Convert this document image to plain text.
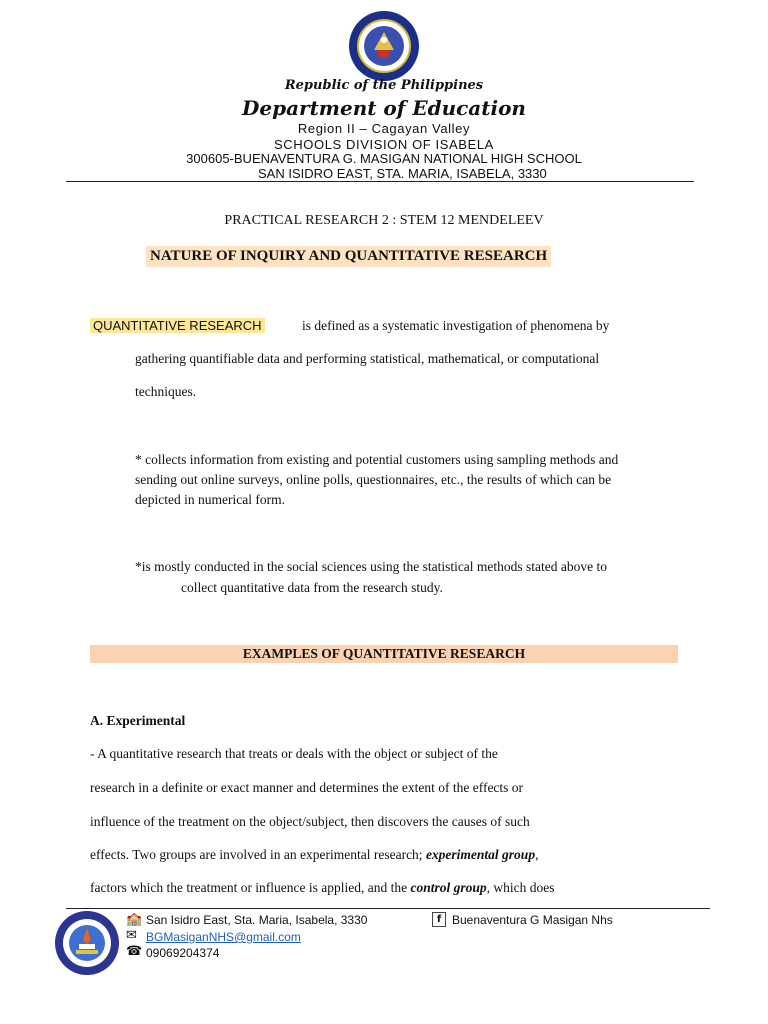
Republic of the Philippines
Department of Education
Region II – Cagayan Valley
SCHOOLS DIVISION OF ISABELA
300605-BUENAVENTURA G. MASIGAN NATIONAL HIGH SCHOOL
SAN ISIDRO EAST, STA. MARIA, ISABELA, 3330
PRACTICAL RESEARCH 2 : STEM 12 MENDELEEV
NATURE OF INQUIRY AND QUANTITATIVE RESEARCH
QUANTITATIVE RESEARCH	is defined as a systematic investigation of phenomena by
gathering quantifiable data and performing statistical, mathematical, or computational
techniques.
* collects information from existing and potential customers using sampling methods and
sending out online surveys, online polls, questionnaires, etc., the results of which can be
depicted in numerical form.
*is mostly conducted in the social sciences using the statistical methods stated above to
collect quantitative data from the research study.
EXAMPLES OF QUANTITATIVE RESEARCH
A. Experimental
- A quantitative research that treats or deals with the object or subject of the
research in a definite or exact manner and determines the extent of the effects or
influence of the treatment on the object/subject, then discovers the causes of such
effects. Two groups are involved in an experimental research; experimental group,
factors which the treatment or influence is applied, and the control group, which does
🏫 San Isidro East, Sta. Maria, Isabela, 3330
✉ BGMasiganNHS@gmail.com
☎ 09069204374
f Buenaventura G Masigan Nhs
